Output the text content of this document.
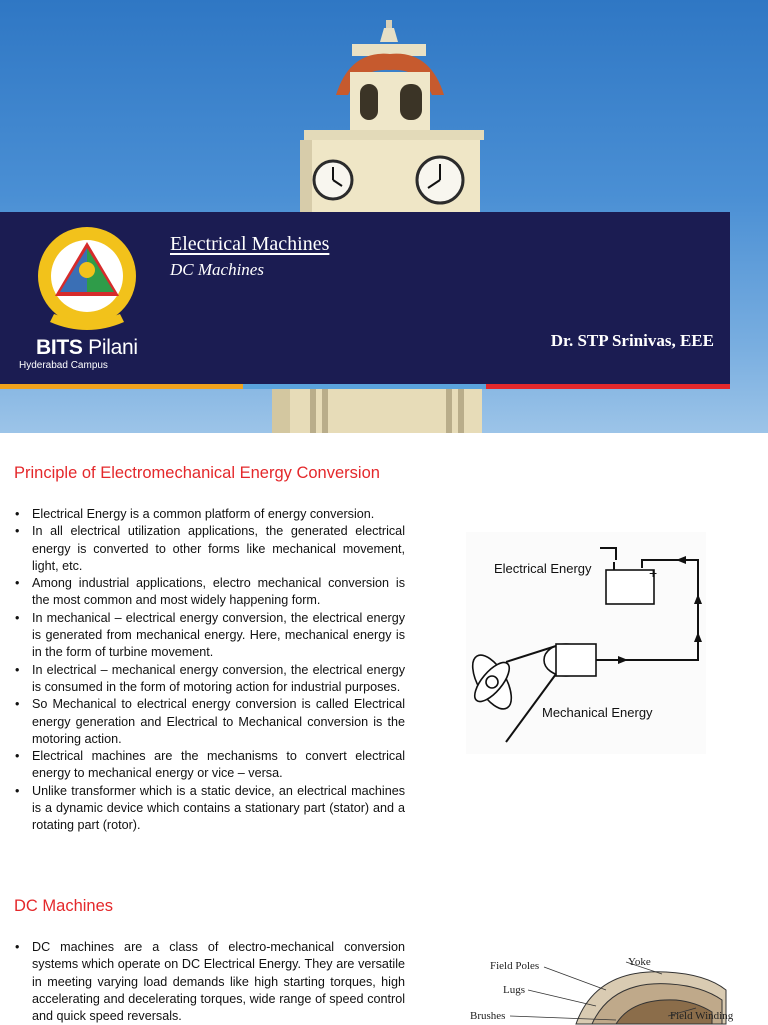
BITS Pilani
Hyderabad Campus
Electrical Machines
DC Machines
Dr. STP Srinivas, EEE
Principle of Electromechanical Energy Conversion
• Electrical Energy is a common platform of energy conversion.
• In all electrical utilization applications, the generated electrical energy is converted to other forms like mechanical movement, light, etc.
• Among industrial applications, electro mechanical conversion is the most common and most widely happening form.
• In mechanical – electrical energy conversion, the electrical energy is generated from mechanical energy. Here, mechanical energy is in the form of turbine movement.
• In electrical – mechanical energy conversion, the electrical energy is consumed in the form of motoring action for industrial purposes.
• So Mechanical to electrical energy conversion is called Electrical energy generation and Electrical to Mechanical conversion is the motoring action.
• Electrical machines are the mechanisms to convert electrical energy to mechanical energy or vice – versa.
• Unlike transformer which is a static device, an electrical machines is a dynamic device which contains a stationary part (stator) and a rotating part (rotor).
Electrical Energy	+
Mechanical Energy
DC Machines
• DC machines are a class of electro-mechanical conversion systems which operate on DC Electrical Energy. They are versatile in meeting varying load demands like high starting torques, high accelerating and decelerating torques, wide range of speed control and quick speed reversals.
Field Poles	Yoke
Lugs
Brushes	Field Winding
